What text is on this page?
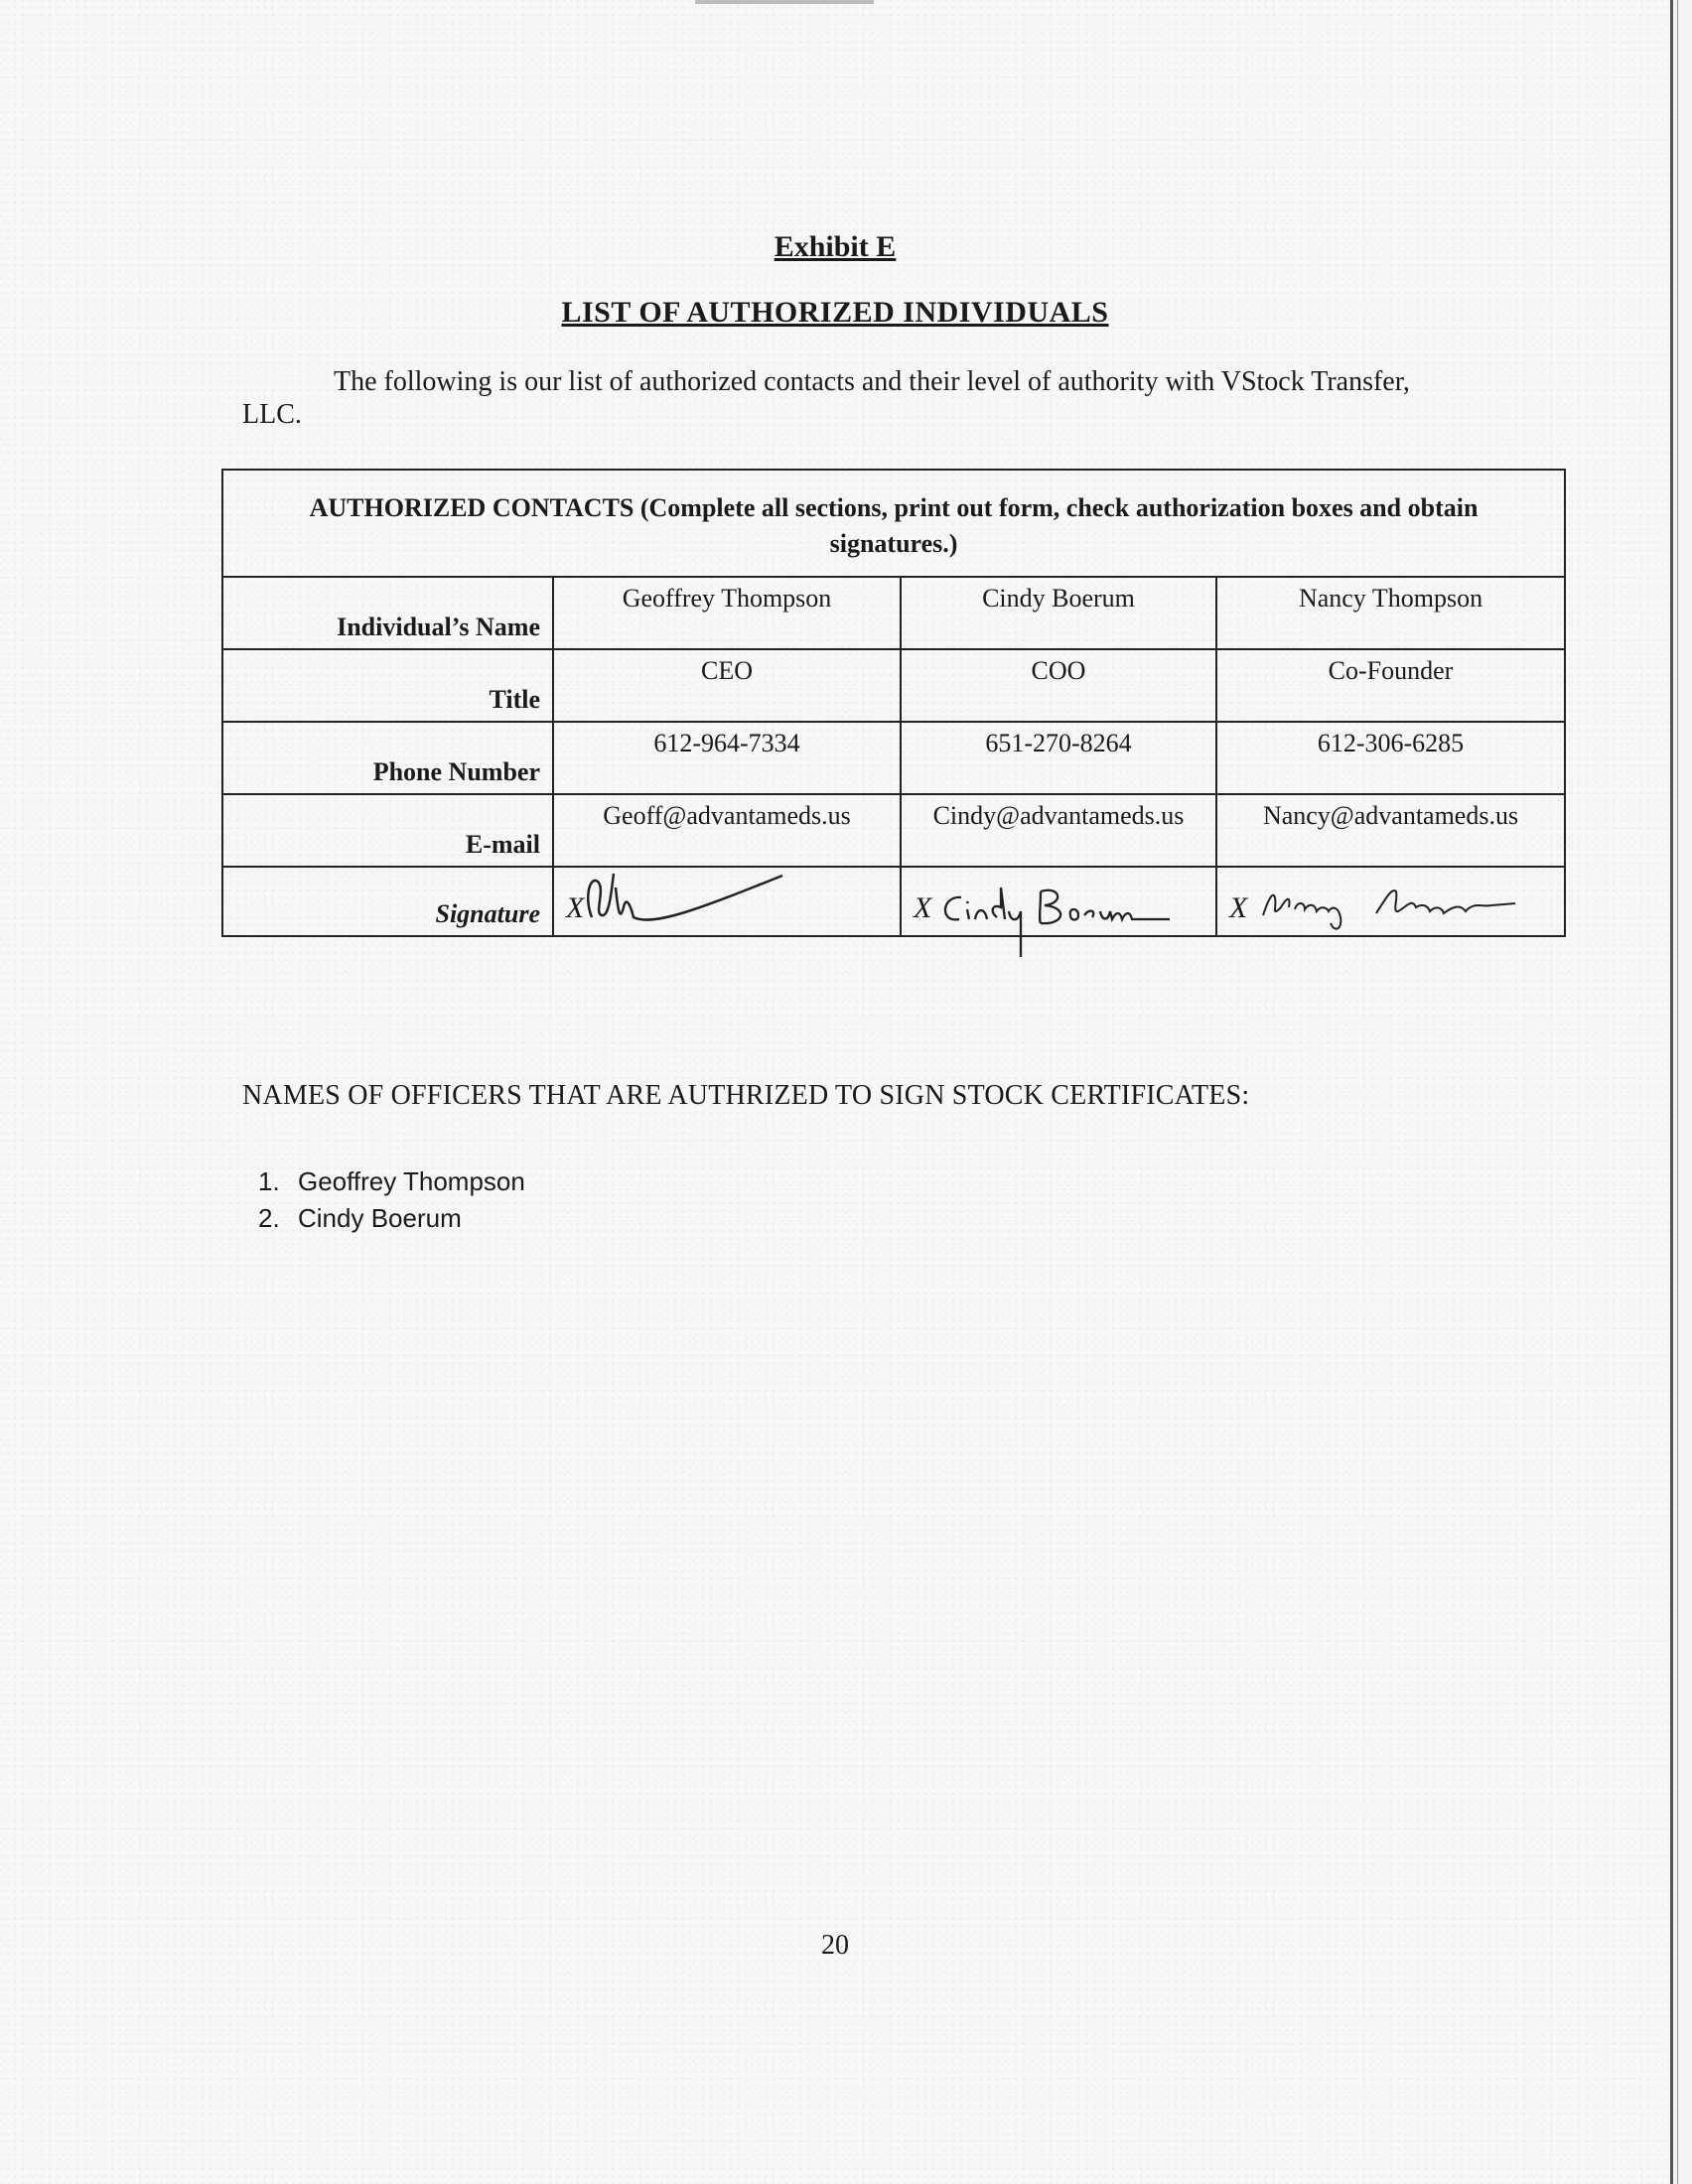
Exhibit E
LIST OF AUTHORIZED INDIVIDUALS
The following is our list of authorized contacts and their level of authority with VStock Transfer, LLC.
AUTHORIZED CONTACTS (Complete all sections, print out form, check authorization boxes and obtain signatures.)			
Individual’s Name	Geoffrey Thompson	Cindy Boerum	Nancy Thompson
Title	CEO	COO	Co-Founder
Phone Number	612-964-7334	651-270-8264	612-306-6285
E-mail	Geoff@advantameds.us	Cindy@advantameds.us	Nancy@advantameds.us
Signature	X	X	X
NAMES OF OFFICERS THAT ARE AUTHRIZED TO SIGN STOCK CERTIFICATES:
1. Geoffrey Thompson
2. Cindy Boerum
20
